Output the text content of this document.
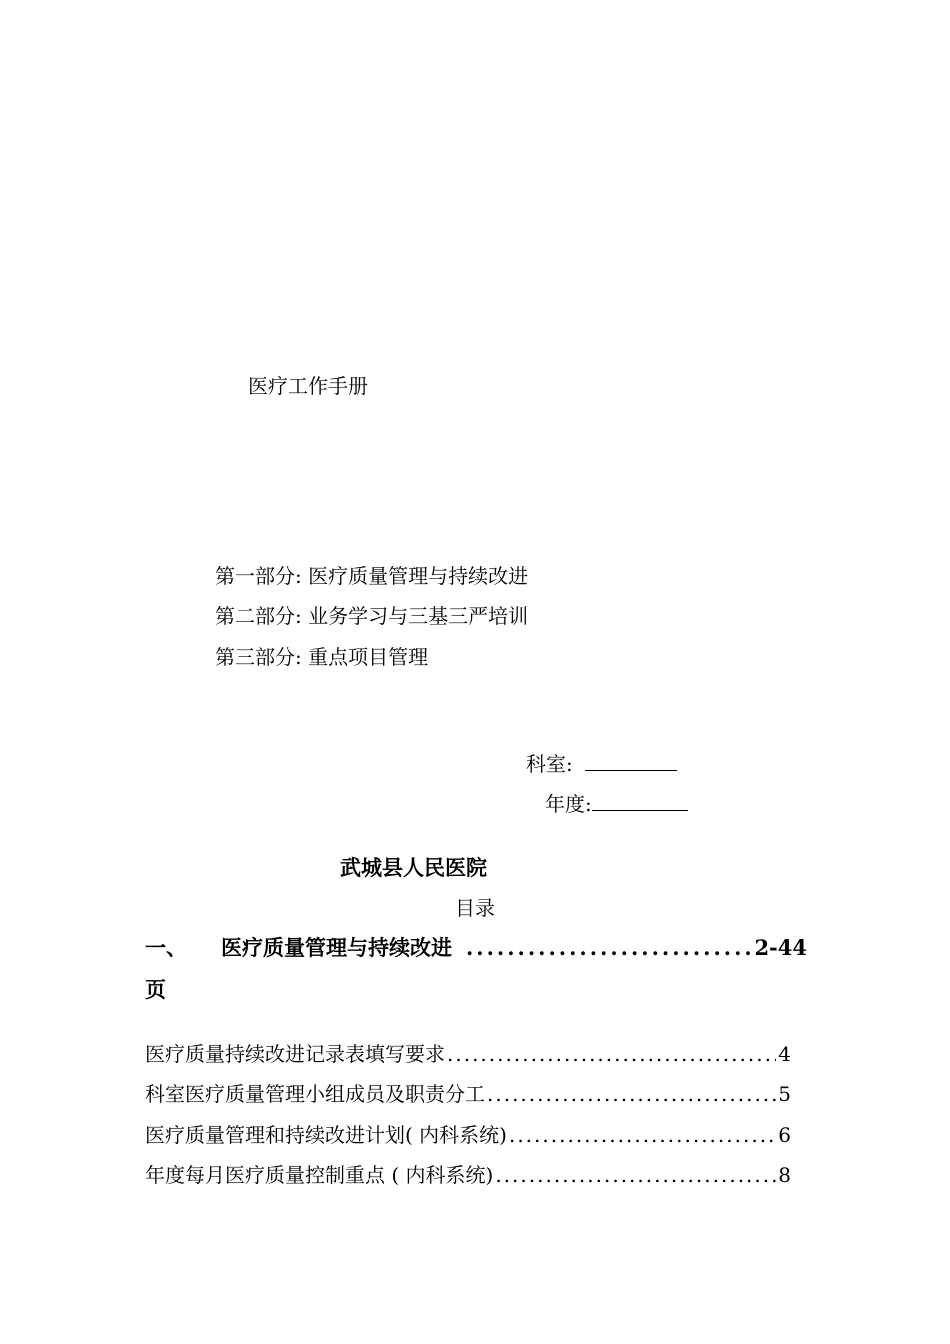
医疗工作手册
第一部分: 医疗质量管理与持续改进
第二部分: 业务学习与三基三严培训
第三部分: 重点项目管理
科室:
年度:
武城县人民医院
目录
一、 医疗质量管理与持续改进 .....	2-44
页
医疗质量持续改进记录表填写要求 .....	4
科室医疗质量管理小组成员及职责分工 .....	5
医疗质量管理和持续改进计划( 内科系统) .....	6
年度每月医疗质量控制重点 ( 内科系统) .....	8
